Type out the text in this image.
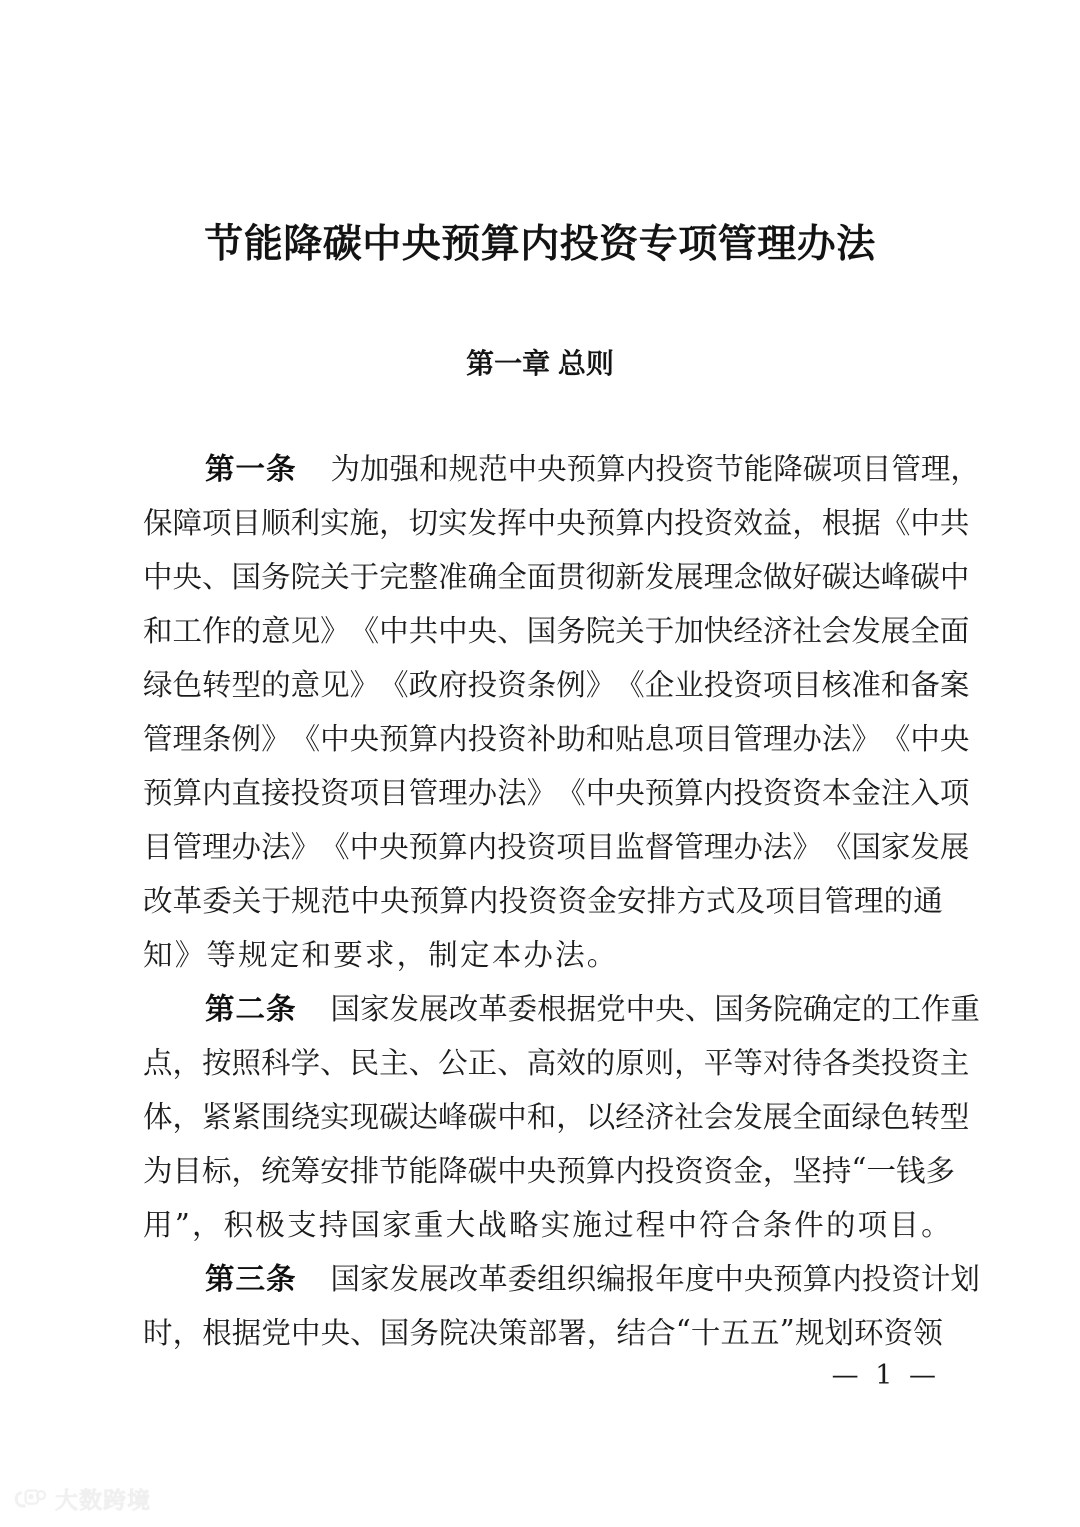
节能降碳中央预算内投资专项管理办法
第一章 总则
第一条 为 加 强 和 规 范 中 央 预 算 内 投 资 节 能 降 碳 项 目 管 理 ，
保 障 项 目 顺 利 实 施 ， 切 实 发 挥 中 央 预 算 内 投 资 效 益 ， 根 据 《 中 共
中 央 、 国 务 院 关 于 完 整 准 确 全 面 贯 彻 新 发 展 理 念 做 好 碳 达 峰 碳 中
和 工 作 的 意 见 》 《 中 共 中 央 、 国 务 院 关 于 加 快 经 济 社 会 发 展 全 面
绿 色 转 型 的 意 见 》 《 政 府 投 资 条 例 》 《 企 业 投 资 项 目 核 准 和 备 案
管 理 条 例 》 《 中 央 预 算 内 投 资 补 助 和 贴 息 项 目 管 理 办 法 》 《 中 央
预 算 内 直 接 投 资 项 目 管 理 办 法 》 《 中 央 预 算 内 投 资 资 本 金 注 入 项
目 管 理 办 法 》 《 中 央 预 算 内 投 资 项 目 监 督 管 理 办 法 》 《 国 家 发 展
改 革 委 关 于 规 范 中 央 预 算 内 投 资 资 金 安 排 方 式 及 项 目 管 理 的 通
知》等规定和要求，制定本办法。
第二条 国 家 发 展 改 革 委 根 据 党 中 央 、 国 务 院 确 定 的 工 作 重
点 ， 按 照 科 学 、 民 主 、 公 正 、 高 效 的 原 则 ， 平 等 对 待 各 类 投 资 主
体 ， 紧 紧 围 绕 实 现 碳 达 峰 碳 中 和 ， 以 经 济 社 会 发 展 全 面 绿 色 转 型
为 目 标 ， 统 筹 安 排 节 能 降 碳 中 央 预 算 内 投 资 资 金 ， 坚 持 “ 一 钱 多
用”，积极支持国家重大战略实施过程中符合条件的项目。
第三条 国 家 发 展 改 革 委 组 织 编 报 年 度 中 央 预 算 内 投 资 计 划
时 ， 根 据 党 中 央 、 国 务 院 决 策 部 署 ， 结 合 “ 十 五 五 ” 规 划 环 资 领
— 1 —
大数跨境
